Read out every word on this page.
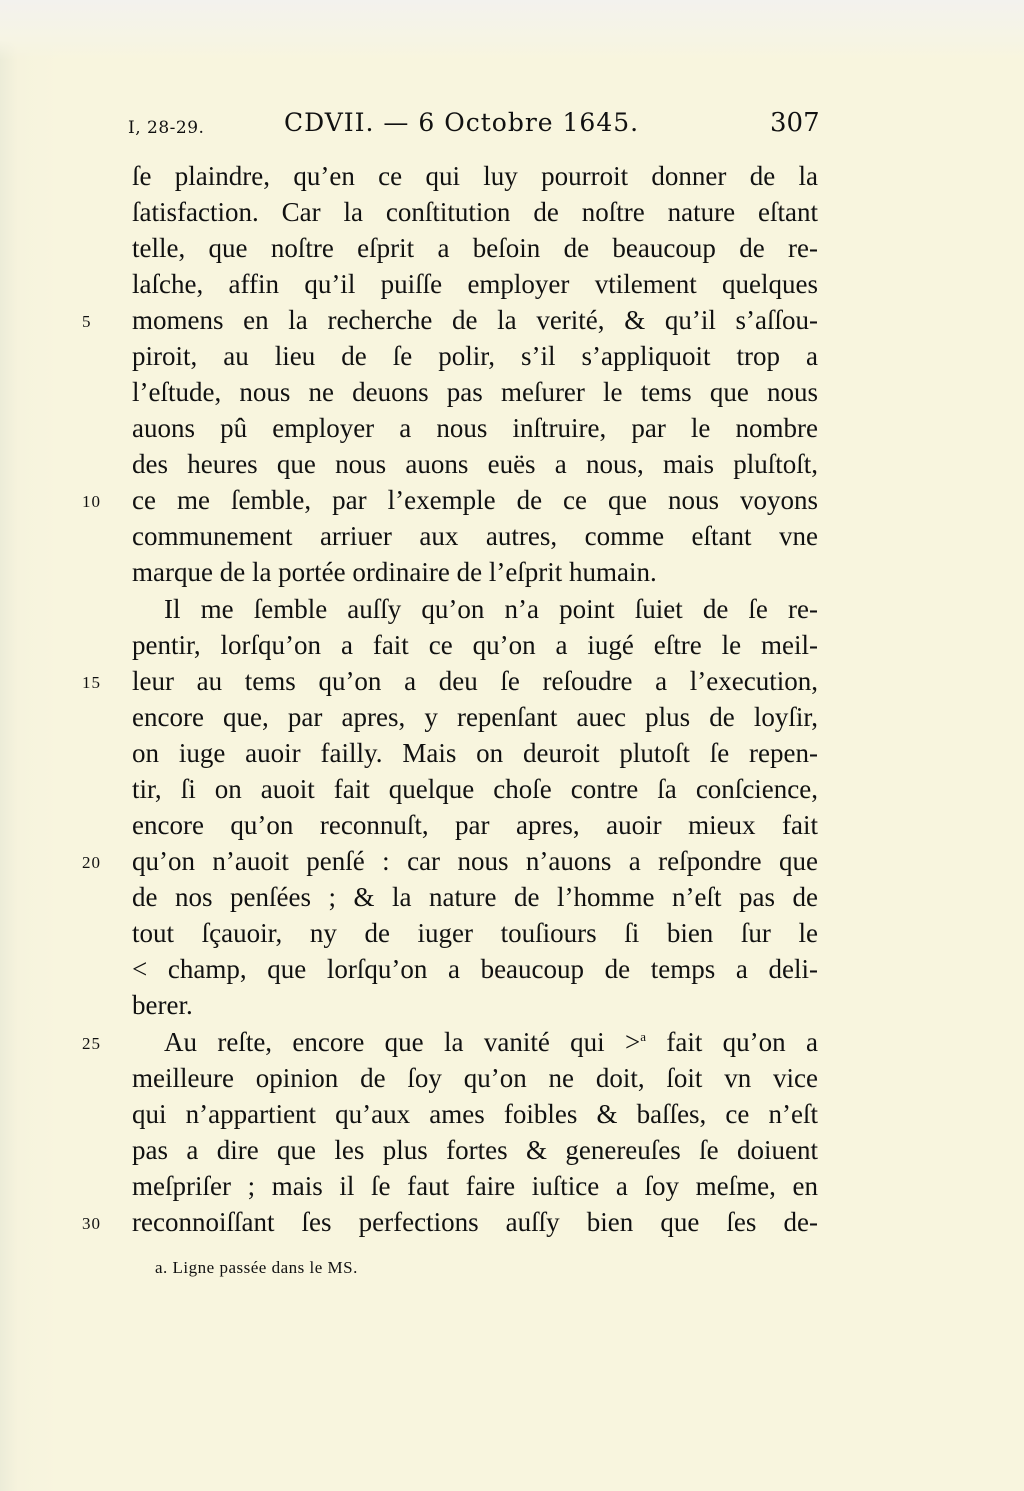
I, 28-29.	CDVII. — 6 Octobre 1645.	307
ſe plaindre, qu’en ce qui luy pourroit donner de la
ſatisfaction. Car la conſtitution de noſtre nature eſtant
telle, que noſtre eſprit a beſoin de beaucoup de re-
laſche, affin qu’il puiſſe employer vtilement quelques
momens en la recherche de la verité, & qu’il s’aſſou-
piroit, au lieu de ſe polir, s’il s’appliquoit trop a
l’eſtude, nous ne deuons pas meſurer le tems que nous
auons pû employer a nous inſtruire, par le nombre
des heures que nous auons euës a nous, mais pluſtoſt,
ce me ſemble, par l’exemple de ce que nous voyons
communement arriuer aux autres, comme eſtant vne
marque de la portée ordinaire de l’eſprit humain.
Il me ſemble auſſy qu’on n’a point ſuiet de ſe re-
pentir, lorſqu’on a fait ce qu’on a iugé eſtre le meil-
leur au tems qu’on a deu ſe reſoudre a l’execution,
encore que, par apres, y repenſant auec plus de loyſir,
on iuge auoir failly. Mais on deuroit plutoſt ſe repen-
tir, ſi on auoit fait quelque choſe contre ſa conſcience,
encore qu’on reconnuſt, par apres, auoir mieux fait
qu’on n’auoit penſé : car nous n’auons a reſpondre que
de nos penſées ; & la nature de l’homme n’eſt pas de
tout ſçauoir, ny de iuger touſiours ſi bien ſur le
< champ, que lorſqu’on a beaucoup de temps a deli-
berer.
Au reſte, encore que la vanité qui >$^a$ fait qu’on a
meilleure opinion de ſoy qu’on ne doit, ſoit vn vice
qui n’appartient qu’aux ames foibles & baſſes, ce n’eſt
pas a dire que les plus fortes & genereuſes ſe doiuent
meſpriſer ; mais il ſe faut faire iuſtice a ſoy meſme, en
reconnoiſſant ſes perfections auſſy bien que ſes de-
5
10
15
20
25
30
a. Ligne passée dans le MS.
